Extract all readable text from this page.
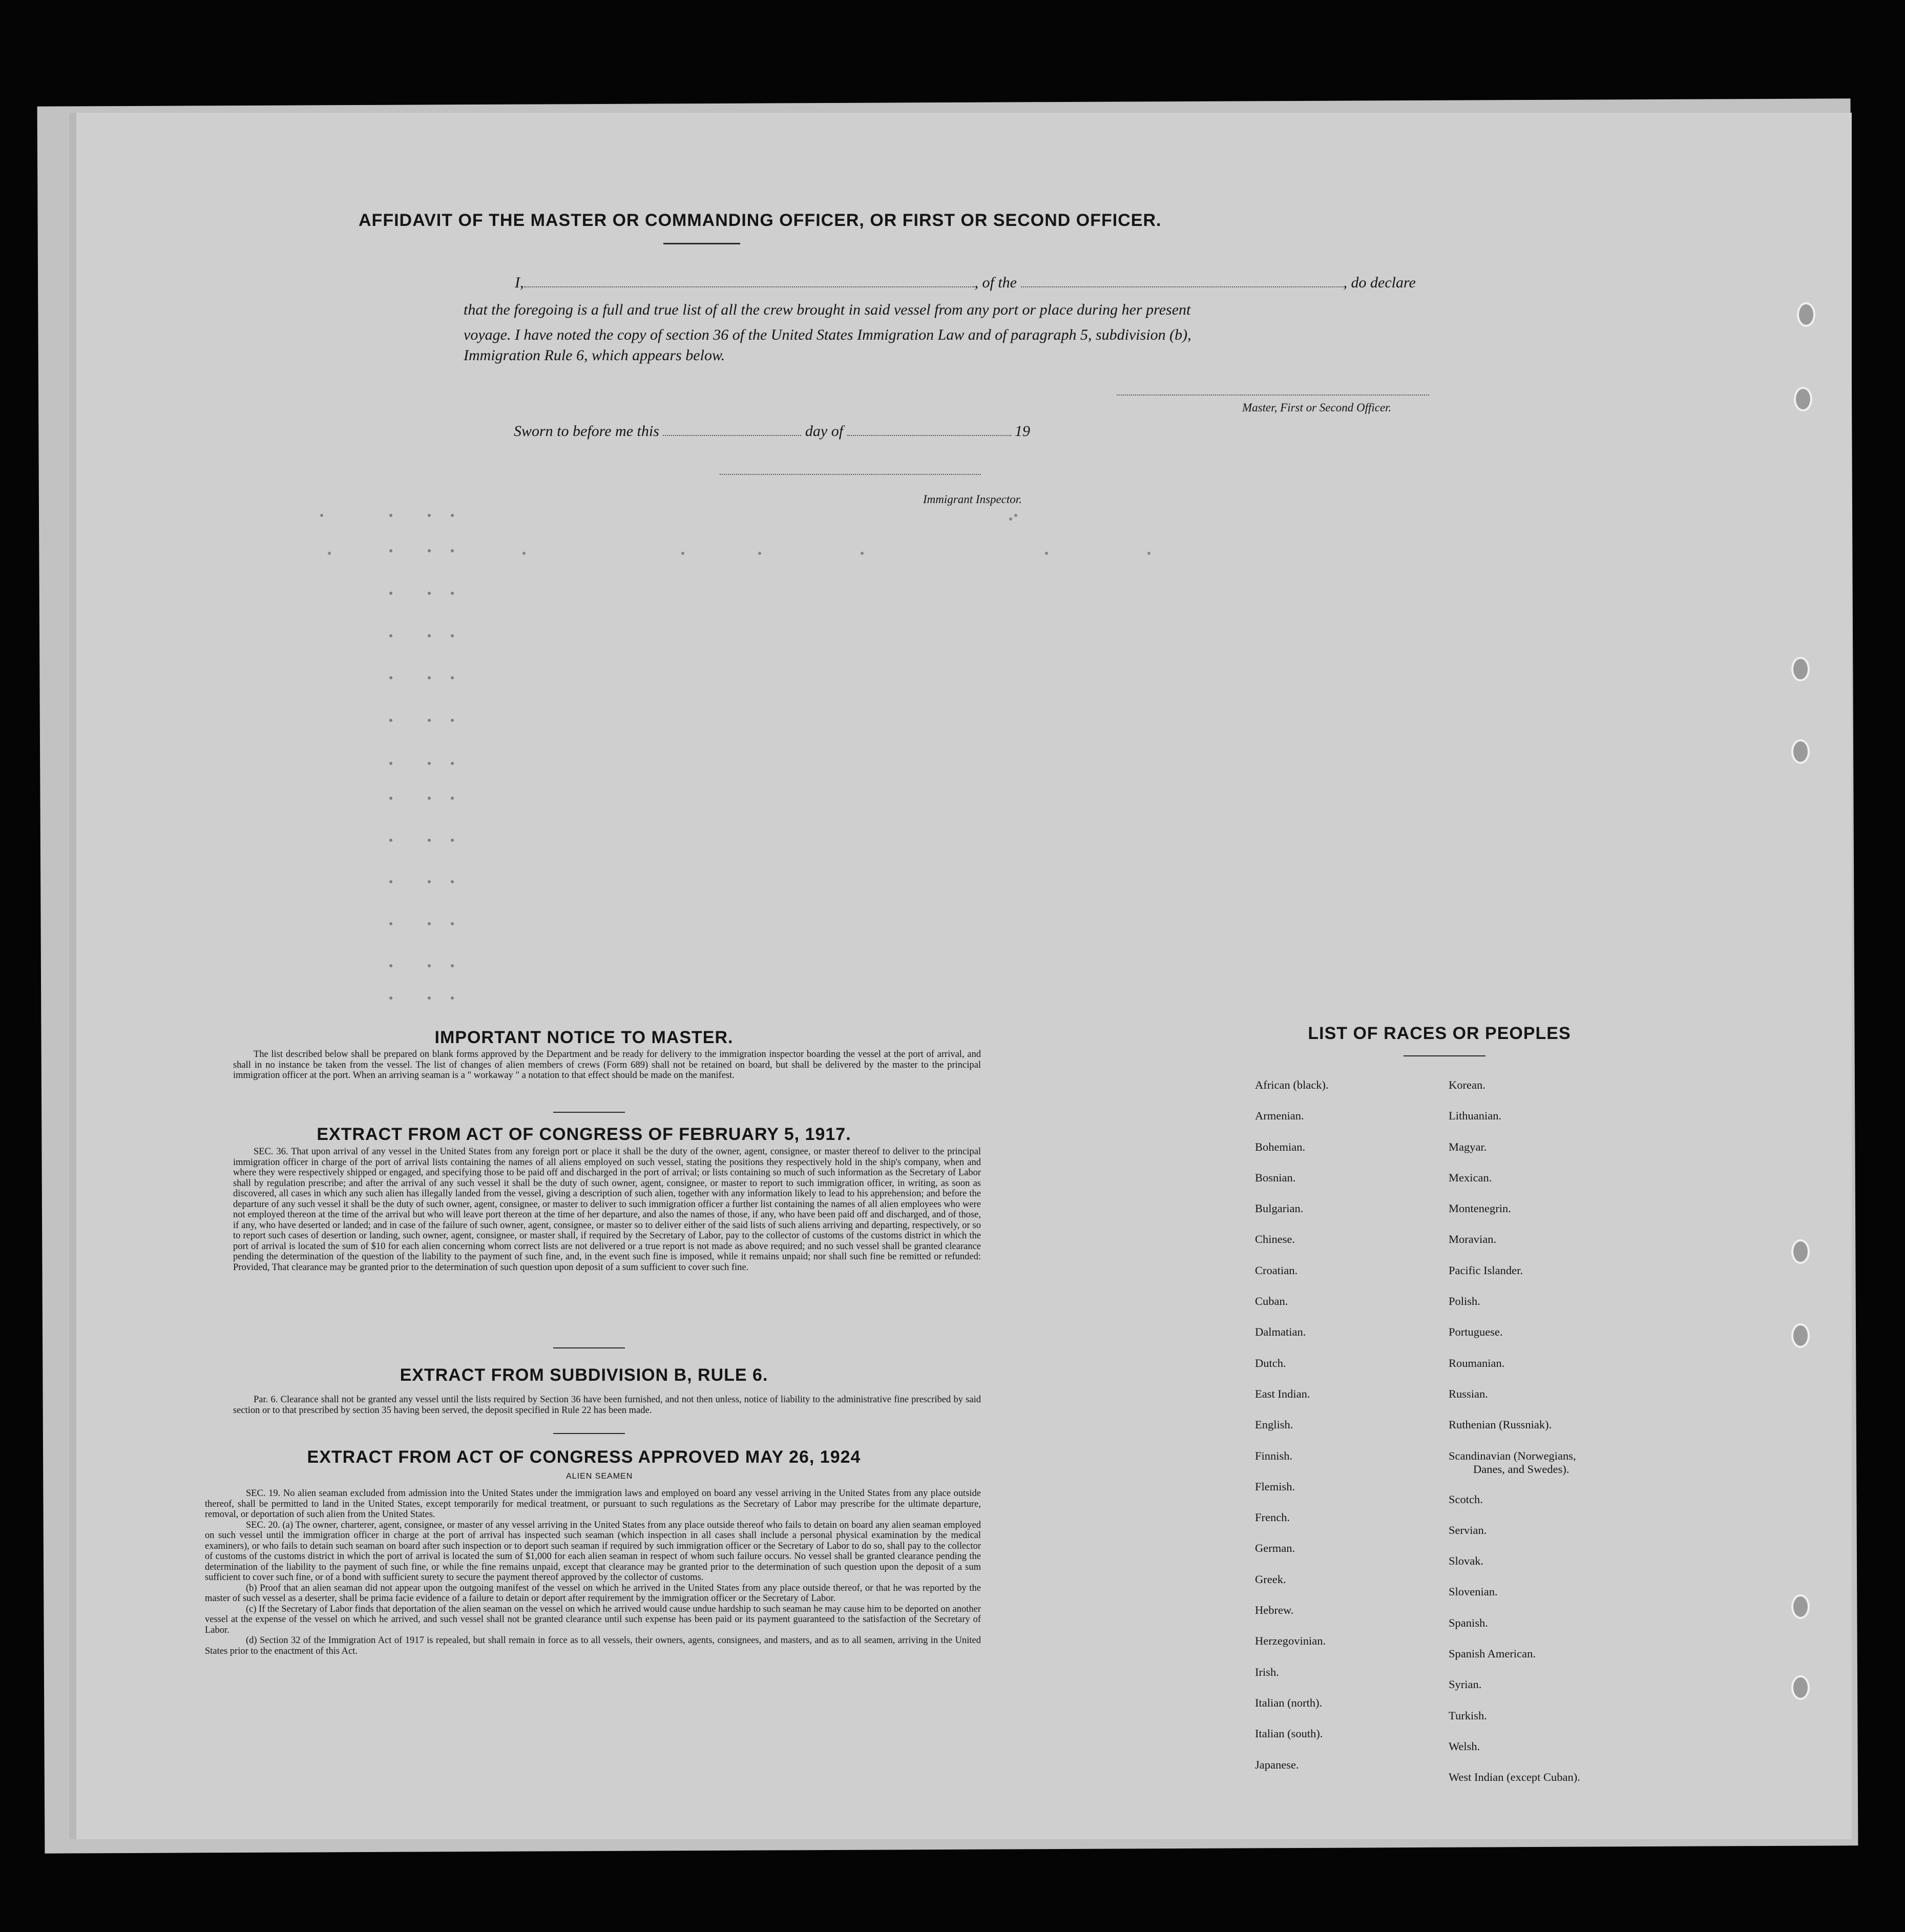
AFFIDAVIT OF THE MASTER OR COMMANDING OFFICER, OR FIRST OR SECOND OFFICER.
I,	, of the	, do declare
that the foregoing is a full and true list of all the crew brought in said vessel from any port or place during her present
voyage. I have noted the copy of section 36 of the United States Immigration Law and of paragraph 5, subdivision (b),
Immigration Rule 6, which appears below.
Master, First or Second Officer.
Sworn to before me this	day of	19
Immigrant Inspector.
IMPORTANT NOTICE TO MASTER.

The list described below shall be prepared on blank forms approved by the Department and be ready for delivery to the immigration inspector boarding the vessel at the port of arrival, and shall in no instance be taken from the vessel. The list of changes of alien members of crews (Form 689) shall not be retained on board, but shall be delivered by the master to the principal immigration officer at the port. When an arriving seaman is a " workaway " a notation to that effect should be made on the manifest.

EXTRACT FROM ACT OF CONGRESS OF FEBRUARY 5, 1917.

SEC. 36. That upon arrival of any vessel in the United States from any foreign port or place it shall be the duty of the owner, agent, consignee, or master thereof to deliver to the principal immigration officer in charge of the port of arrival lists containing the names of all aliens employed on such vessel, stating the positions they respectively hold in the ship's company, when and where they were respectively shipped or engaged, and specifying those to be paid off and discharged in the port of arrival; or lists containing so much of such information as the Secretary of Labor shall by regulation prescribe; and after the arrival of any such vessel it shall be the duty of such owner, agent, consignee, or master to report to such immigration officer, in writing, as soon as discovered, all cases in which any such alien has illegally landed from the vessel, giving a description of such alien, together with any information likely to lead to his apprehension; and before the departure of any such vessel it shall be the duty of such owner, agent, consignee, or master to deliver to such immigration officer a further list containing the names of all alien employees who were not employed thereon at the time of the arrival but who will leave port thereon at the time of her departure, and also the names of those, if any, who have been paid off and discharged, and of those, if any, who have deserted or landed; and in case of the failure of such owner, agent, consignee, or master so to deliver either of the said lists of such aliens arriving and departing, respectively, or so to report such cases of desertion or landing, such owner, agent, consignee, or master shall, if required by the Secretary of Labor, pay to the collector of customs of the customs district in which the port of arrival is located the sum of $10 for each alien concerning whom correct lists are not delivered or a true report is not made as above required; and no such vessel shall be granted clearance pending the determination of the question of the liability to the payment of such fine, and, in the event such fine is imposed, while it remains unpaid; nor shall such fine be remitted or refunded: Provided, That clearance may be granted prior to the determination of such question upon deposit of a sum sufficient to cover such fine.

EXTRACT FROM SUBDIVISION B, RULE 6.

Par. 6. Clearance shall not be granted any vessel until the lists required by Section 36 have been furnished, and not then unless, notice of liability to the administrative fine prescribed by said section or to that prescribed by section 35 having been served, the deposit specified in Rule 22 has been made.

EXTRACT FROM ACT OF CONGRESS APPROVED MAY 26, 1924
ALIEN SEAMEN

SEC. 19. No alien seaman excluded from admission into the United States under the immigration laws and employed on board any vessel arriving in the United States from any place outside thereof, shall be permitted to land in the United States, except temporarily for medical treatment, or pursuant to such regulations as the Secretary of Labor may prescribe for the ultimate departure, removal, or deportation of such alien from the United States.

SEC. 20. (a) The owner, charterer, agent, consignee, or master of any vessel arriving in the United States from any place outside thereof who fails to detain on board any alien seaman employed on such vessel until the immigration officer in charge at the port of arrival has inspected such seaman (which inspection in all cases shall include a personal physical examination by the medical examiners), or who fails to detain such seaman on board after such inspection or to deport such seaman if required by such immigration officer or the Secretary of Labor to do so, shall pay to the collector of customs of the customs district in which the port of arrival is located the sum of $1,000 for each alien seaman in respect of whom such failure occurs. No vessel shall be granted clearance pending the determination of the liability to the payment of such fine, or while the fine remains unpaid, except that clearance may be granted prior to the determination of such question upon the deposit of a sum sufficient to cover such fine, or of a bond with sufficient surety to secure the payment thereof approved by the collector of customs.

(b) Proof that an alien seaman did not appear upon the outgoing manifest of the vessel on which he arrived in the United States from any place outside thereof, or that he was reported by the master of such vessel as a deserter, shall be prima facie evidence of a failure to detain or deport after requirement by the immigration officer or the Secretary of Labor.

(c) If the Secretary of Labor finds that deportation of the alien seaman on the vessel on which he arrived would cause undue hardship to such seaman he may cause him to be deported on another vessel at the expense of the vessel on which he arrived, and such vessel shall not be granted clearance until such expense has been paid or its payment guaranteed to the satisfaction of the Secretary of Labor.

(d) Section 32 of the Immigration Act of 1917 is repealed, but shall remain in force as to all vessels, their owners, agents, consignees, and masters, and as to all seamen, arriving in the United States prior to the enactment of this Act.

LIST OF RACES OR PEOPLES
African (black).
Armenian.
Bohemian.
Bosnian.
Bulgarian.
Chinese.
Croatian.
Cuban.
Dalmatian.
Dutch.
East Indian.
English.
Finnish.
Flemish.
French.
German.
Greek.
Hebrew.
Herzegovinian.
Irish.
Italian (north).
Italian (south).
Japanese.
Korean.
Lithuanian.
Magyar.
Mexican.
Montenegrin.
Moravian.
Pacific Islander.
Polish.
Portuguese.
Roumanian.
Russian.
Ruthenian (Russniak).
Scandinavian (Norwegians,
Danes, and Swedes).
Scotch.
Servian.
Slovak.
Slovenian.
Spanish.
Spanish American.
Syrian.
Turkish.
Welsh.
West Indian (except Cuban).
